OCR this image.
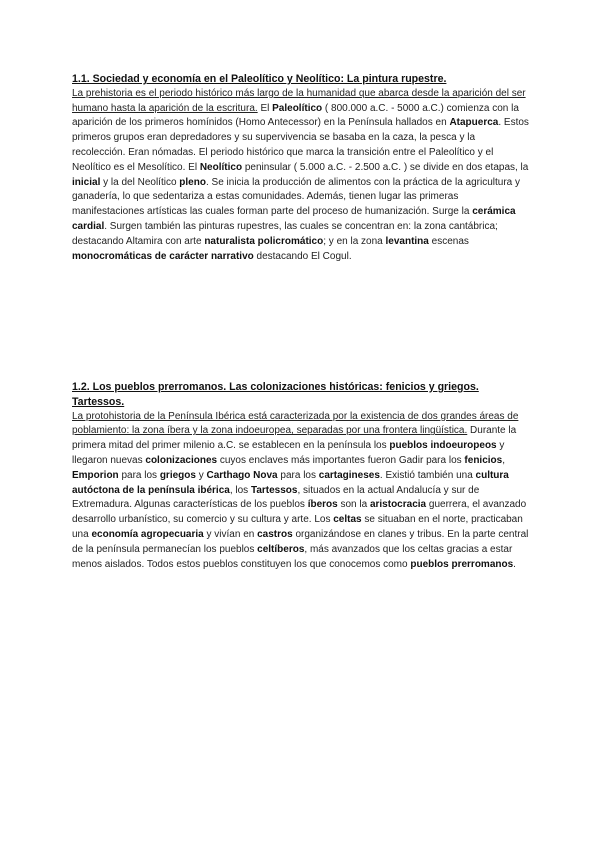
1.1. Sociedad y economía en el Paleolítico y Neolítico: La pintura rupestre.

La prehistoria es el periodo histórico más largo de la humanidad que abarca desde la aparición del ser humano hasta la aparición de la escritura. El Paleolítico ( 800.000 a.C. - 5000 a.C.) comienza con la aparición de los primeros homínidos (Homo Antecessor) en la Península hallados en Atapuerca. Estos primeros grupos eran depredadores y su supervivencia se basaba en la caza, la pesca y la recolección. Eran nómadas. El periodo histórico que marca la transición entre el Paleolítico y el Neolítico es el Mesolítico. El Neolítico peninsular ( 5.000 a.C. - 2.500 a.C. ) se divide en dos etapas, la inicial y la del Neolítico pleno. Se inicia la producción de alimentos con la práctica de la agricultura y ganadería, lo que sedentariza a estas comunidades. Además, tienen lugar las primeras manifestaciones artísticas las cuales forman parte del proceso de humanización. Surge la cerámica cardial. Surgen también las pinturas rupestres, las cuales se concentran en: la zona cantábrica; destacando Altamira con arte naturalista policromático; y en la zona levantina escenas monocromáticas de carácter narrativo destacando El Cogul.

1.2. Los pueblos prerromanos. Las colonizaciones históricas: fenicios y griegos. Tartessos.

La protohistoria de la Península Ibérica está caracterizada por la existencia de dos grandes áreas de poblamiento: la zona íbera y la zona indoeuropea, separadas por una frontera lingüística. Durante la primera mitad del primer milenio a.C. se establecen en la península los pueblos indoeuropeos y llegaron nuevas colonizaciones cuyos enclaves más importantes fueron Gadir para los fenicios, Emporion para los griegos y Carthago Nova para los cartagineses. Existió también una cultura autóctona de la península ibérica, los Tartessos, situados en la actual Andalucía y sur de Extremadura. Algunas características de los pueblos íberos son la aristocracia guerrera, el avanzado desarrollo urbanístico, su comercio y su cultura y arte. Los celtas se situaban en el norte, practicaban una economía agropecuaria y vivían en castros organizándose en clanes y tribus. En la parte central de la península permanecían los pueblos celtíberos, más avanzados que los celtas gracias a estar menos aislados. Todos estos pueblos constituyen los que conocemos como pueblos prerromanos.
